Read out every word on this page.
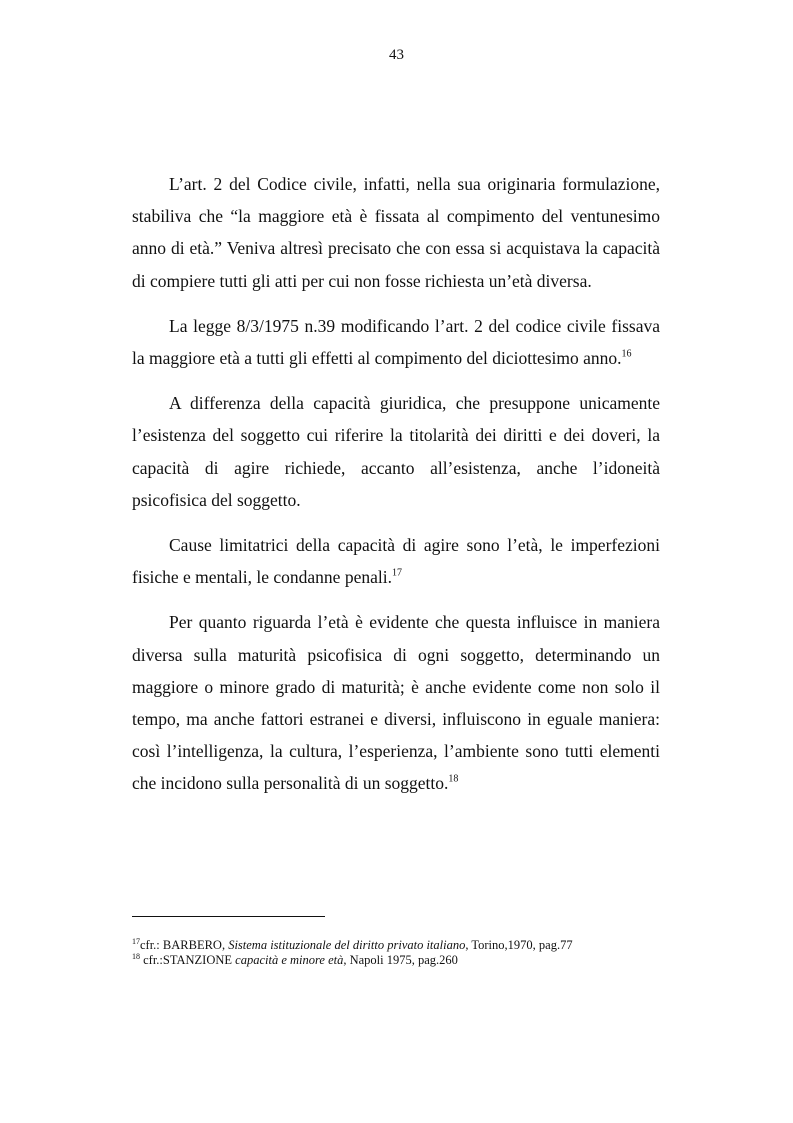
43

L’art. 2 del Codice civile, infatti, nella sua originaria formulazione, stabiliva che “la maggiore età è fissata al compimento del ventunesimo anno di età.” Veniva altresì precisato che con essa si acquistava la capacità di compiere tutti gli atti per cui non fosse richiesta un’età diversa.

La legge 8/3/1975 n.39 modificando l’art. 2 del codice civile fissava la maggiore età a tutti gli effetti al compimento del diciottesimo anno.$^{16}$

A differenza della capacità giuridica, che presuppone unicamente l’esistenza del soggetto cui riferire la titolarità dei diritti e dei doveri, la capacità di agire richiede, accanto all’esistenza, anche l’idoneità psicofisica del soggetto.

Cause limitatrici della capacità di agire sono l’età, le imperfezioni fisiche e mentali, le condanne penali.$^{17}$

Per quanto riguarda l’età è evidente che questa influisce in maniera diversa sulla maturità psicofisica di ogni soggetto, determinando un maggiore o minore grado di maturità; è anche evidente come non solo il tempo, ma anche fattori estranei e diversi, influiscono in eguale maniera: così l’intelligenza, la cultura, l’esperienza, l’ambiente sono tutti elementi che incidono sulla personalità di un soggetto.$^{18}$

$^{17}$cfr.: BARBERO, Sistema istituzionale del diritto privato italiano, Torino,1970, pag.77

$^{18}$ cfr.:STANZIONE capacità e minore età, Napoli 1975, pag.260
